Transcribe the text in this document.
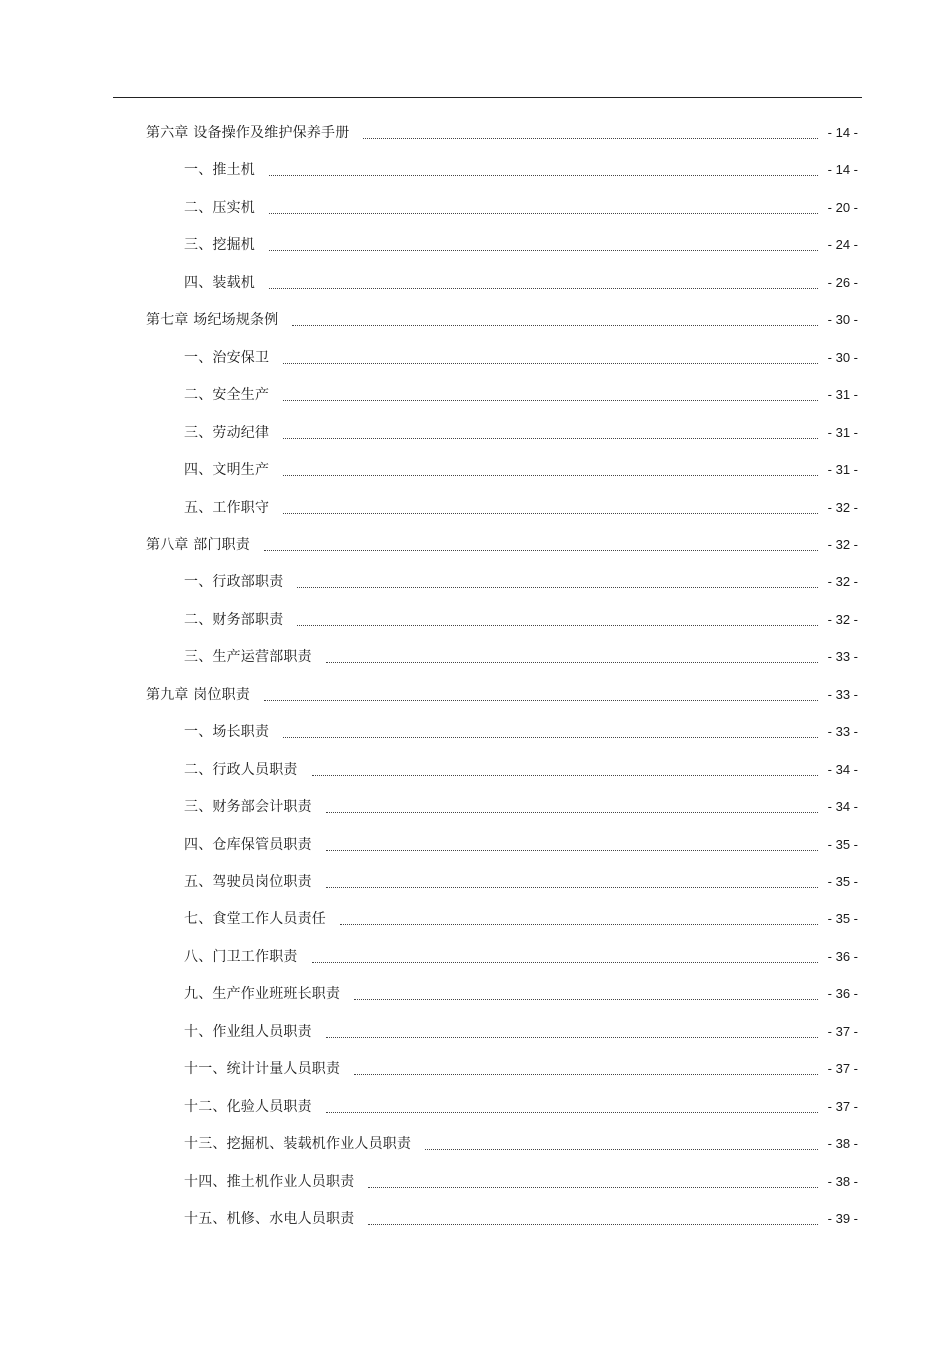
第六章 设备操作及维护保养手册	- 14 -
一、推土机	- 14 -
二、压实机	- 20 -
三、挖掘机	- 24 -
四、装载机	- 26 -
第七章 场纪场规条例	- 30 -
一、治安保卫	- 30 -
二、安全生产	- 31 -
三、劳动纪律	- 31 -
四、文明生产	- 31 -
五、工作职守	- 32 -
第八章 部门职责	- 32 -
一、行政部职责	- 32 -
二、财务部职责	- 32 -
三、生产运营部职责	- 33 -
第九章 岗位职责	- 33 -
一、场长职责	- 33 -
二、行政人员职责	- 34 -
三、财务部会计职责	- 34 -
四、仓库保管员职责	- 35 -
五、驾驶员岗位职责	- 35 -
七、食堂工作人员责任	- 35 -
八、门卫工作职责	- 36 -
九、生产作业班班长职责	- 36 -
十、作业组人员职责	- 37 -
十一、统计计量人员职责	- 37 -
十二、化验人员职责	- 37 -
十三、挖掘机、装载机作业人员职责	- 38 -
十四、推土机作业人员职责	- 38 -
十五、机修、水电人员职责	- 39 -
